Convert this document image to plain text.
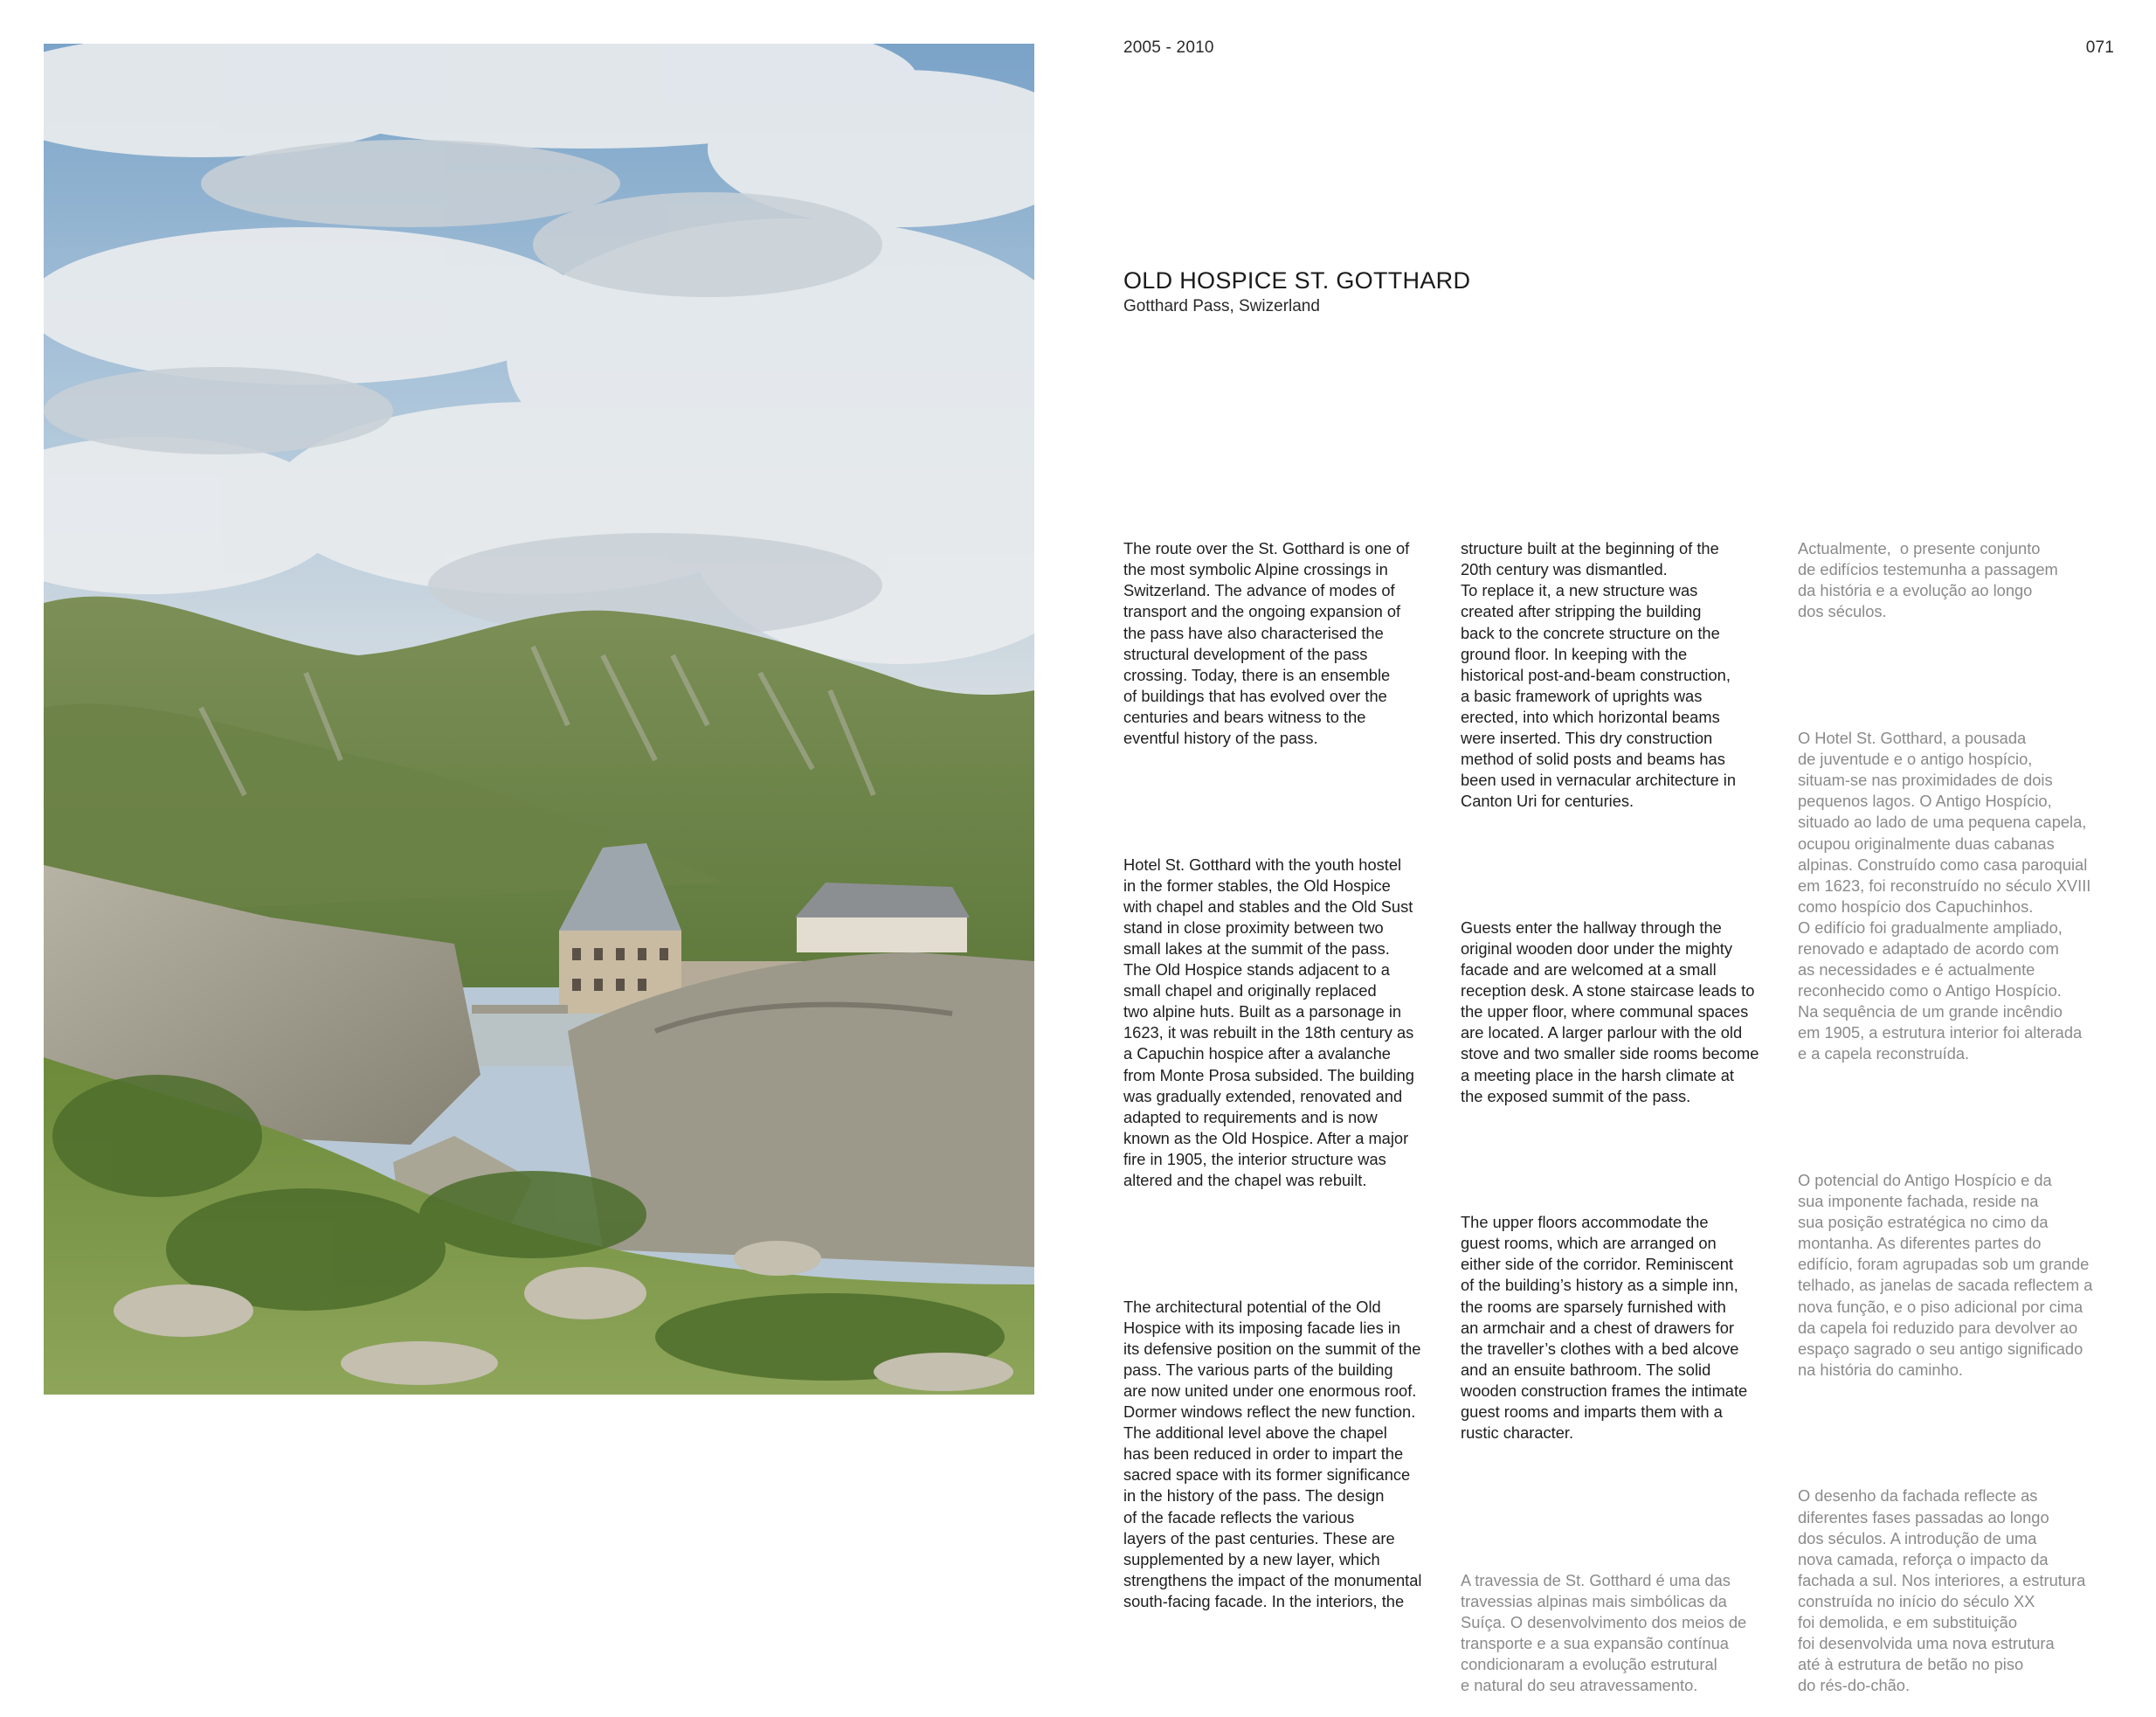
2005 - 2010	071
OLD HOSPICE ST. GOTTHARD

Gotthard Pass, Swizerland

The route over the St. Gotthard is one of
the most symbolic Alpine crossings in
Switzerland. The advance of modes of
transport and the ongoing expansion of
the pass have also characterised the
structural development of the pass
crossing. Today, there is an ensemble
of buildings that has evolved over the
centuries and bears witness to the
eventful history of the pass.

Hotel St. Gotthard with the youth hostel
in the former stables, the Old Hospice
with chapel and stables and the Old Sust
stand in close proximity between two
small lakes at the summit of the pass.
The Old Hospice stands adjacent to a
small chapel and originally replaced
two alpine huts. Built as a parsonage in
1623, it was rebuilt in the 18th century as
a Capuchin hospice after a avalanche
from Monte Prosa subsided. The building
was gradually extended, renovated and
adapted to requirements and is now
known as the Old Hospice. After a major
fire in 1905, the interior structure was
altered and the chapel was rebuilt.

The architectural potential of the Old
Hospice with its imposing facade lies in
its defensive position on the summit of the
pass. The various parts of the building
are now united under one enormous roof.
Dormer windows reflect the new function.
The additional level above the chapel
has been reduced in order to impart the
sacred space with its former significance
in the history of the pass. The design
of the facade reflects the various
layers of the past centuries. These are
supplemented by a new layer, which
strengthens the impact of the monumental
south-facing facade. In the interiors, the

structure built at the beginning of the
20th century was dismantled.
To replace it, a new structure was
created after stripping the building
back to the concrete structure on the
ground floor. In keeping with the
historical post-and-beam construction,
a basic framework of uprights was
erected, into which horizontal beams
were inserted. This dry construction
method of solid posts and beams has
been used in vernacular architecture in
Canton Uri for centuries.

Guests enter the hallway through the
original wooden door under the mighty
facade and are welcomed at a small
reception desk. A stone staircase leads to
the upper floor, where communal spaces
are located. A larger parlour with the old
stove and two smaller side rooms become
a meeting place in the harsh climate at
the exposed summit of the pass.

The upper floors accommodate the
guest rooms, which are arranged on
either side of the corridor. Reminiscent
of the building’s history as a simple inn,
the rooms are sparsely furnished with
an armchair and a chest of drawers for
the traveller’s clothes with a bed alcove
and an ensuite bathroom. The solid
wooden construction frames the intimate
guest rooms and imparts them with a
rustic character.

A travessia de St. Gotthard é uma das
travessias alpinas mais simbólicas da
Suíça. O desenvolvimento dos meios de
transporte e a sua expansão contínua
condicionaram a evolução estrutural
e natural do seu atravessamento.

Actualmente,  o presente conjunto
de edifícios testemunha a passagem
da história e a evolução ao longo
dos séculos.

O Hotel St. Gotthard, a pousada
de juventude e o antigo hospício,
situam-se nas proximidades de dois
pequenos lagos. O Antigo Hospício,
situado ao lado de uma pequena capela,
ocupou originalmente duas cabanas
alpinas. Construído como casa paroquial
em 1623, foi reconstruído no século XVIII
como hospício dos Capuchinhos.
O edifício foi gradualmente ampliado,
renovado e adaptado de acordo com
as necessidades e é actualmente
reconhecido como o Antigo Hospício.
Na sequência de um grande incêndio
em 1905, a estrutura interior foi alterada
e a capela reconstruída.

O potencial do Antigo Hospício e da
sua imponente fachada, reside na
sua posição estratégica no cimo da
montanha. As diferentes partes do
edifício, foram agrupadas sob um grande
telhado, as janelas de sacada reflectem a
nova função, e o piso adicional por cima
da capela foi reduzido para devolver ao
espaço sagrado o seu antigo significado
na história do caminho.

O desenho da fachada reflecte as
diferentes fases passadas ao longo
dos séculos. A introdução de uma
nova camada, reforça o impacto da
fachada a sul. Nos interiores, a estrutura
construída no início do século XX
foi demolida, e em substituição
foi desenvolvida uma nova estrutura
até à estrutura de betão no piso
do rés-do-chão.
